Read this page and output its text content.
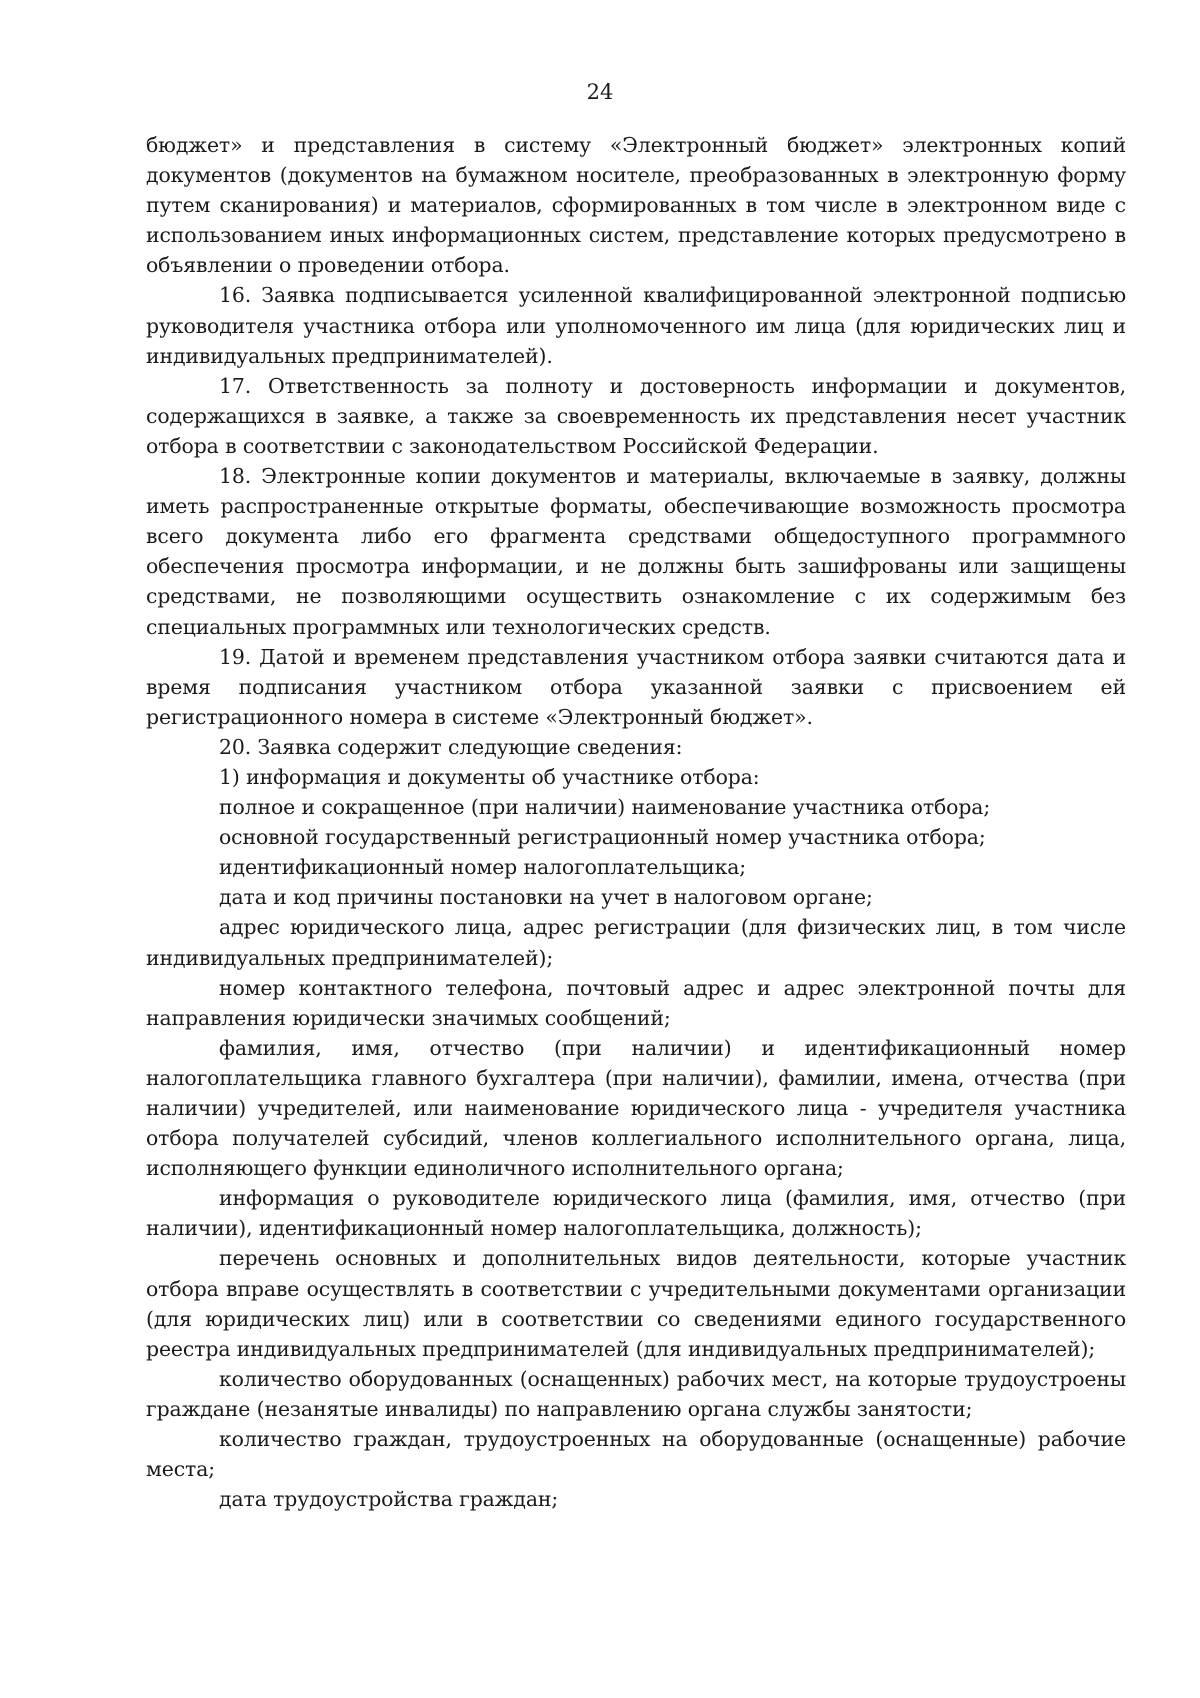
24

бюджет» и представления в систему «Электронный бюджет» электронных копий документов (документов на бумажном носителе, преобразованных в электронную форму путем сканирования) и материалов, сформированных в том числе в электронном виде с использованием иных информационных систем, представление которых предусмотрено в объявлении о проведении отбора.

16. Заявка подписывается усиленной квалифицированной электронной подписью руководителя участника отбора или уполномоченного им лица (для юридических лиц и индивидуальных предпринимателей).

17. Ответственность за полноту и достоверность информации и документов, содержащихся в заявке, а также за своевременность их представления несет участник отбора в соответствии с законодательством Российской Федерации.

18. Электронные копии документов и материалы, включаемые в заявку, должны иметь распространенные открытые форматы, обеспечивающие возможность просмотра всего документа либо его фрагмента средствами общедоступного программного обеспечения просмотра информации, и не должны быть зашифрованы или защищены средствами, не позволяющими осуществить ознакомление с их содержимым без специальных программных или технологических средств.

19. Датой и временем представления участником отбора заявки считаются дата и время подписания участником отбора указанной заявки с присвоением ей регистрационного номера в системе «Электронный бюджет».

20. Заявка содержит следующие сведения:

1) информация и документы об участнике отбора:

полное и сокращенное (при наличии) наименование участника отбора;

основной государственный регистрационный номер участника отбора;

идентификационный номер налогоплательщика;

дата и код причины постановки на учет в налоговом органе;

адрес юридического лица, адрес регистрации (для физических лиц, в том числе индивидуальных предпринимателей);

номер контактного телефона, почтовый адрес и адрес электронной почты для направления юридически значимых сообщений;

фамилия, имя, отчество (при наличии) и идентификационный номер налогоплательщика главного бухгалтера (при наличии), фамилии, имена, отчества (при наличии) учредителей, или наименование юридического лица - учредителя участника отбора получателей субсидий, членов коллегиального исполнительного органа, лица, исполняющего функции единоличного исполнительного органа;

информация о руководителе юридического лица (фамилия, имя, отчество (при наличии), идентификационный номер налогоплательщика, должность);

перечень основных и дополнительных видов деятельности, которые участник отбора вправе осуществлять в соответствии с учредительными документами организации (для юридических лиц) или в соответствии со сведениями единого государственного реестра индивидуальных предпринимателей (для индивидуальных предпринимателей);

количество оборудованных (оснащенных) рабочих мест, на которые трудоустроены граждане (незанятые инвалиды) по направлению органа службы занятости;

количество граждан, трудоустроенных на оборудованные (оснащенные) рабочие места;

дата трудоустройства граждан;
